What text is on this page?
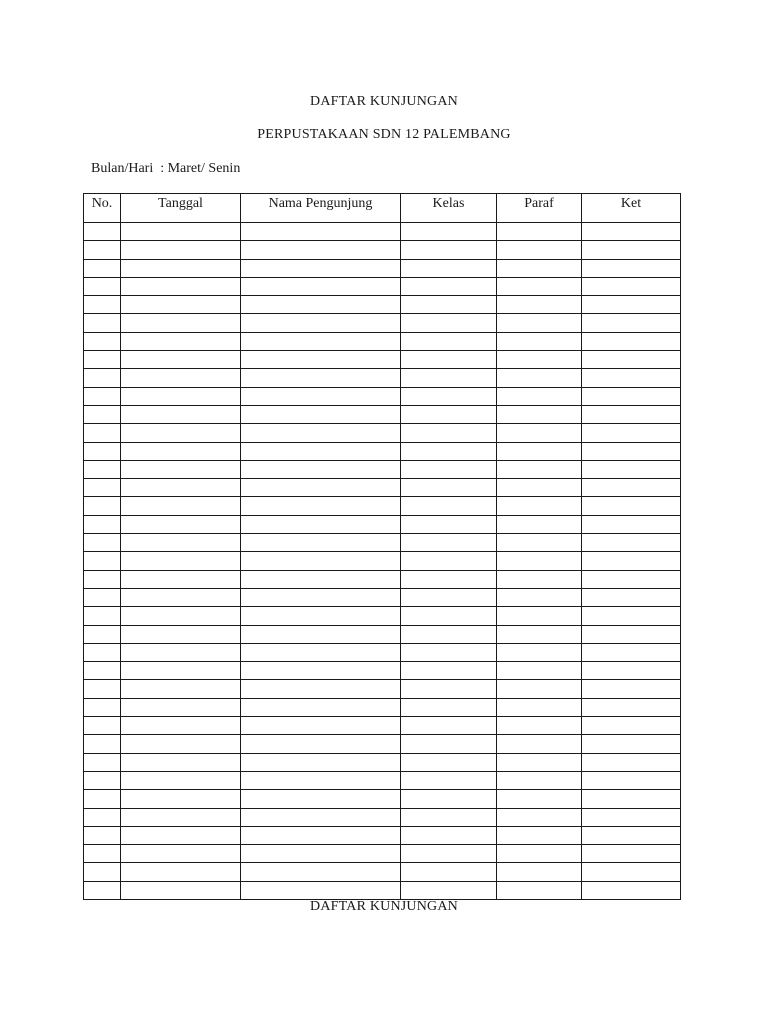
DAFTAR KUNJUNGAN
PERPUSTAKAAN SDN 12 PALEMBANG
Bulan/Hari : Maret/ Senin
No.	Tanggal	Nama Pengunjung	Kelas	Paraf	Ket

DAFTAR KUNJUNGAN
